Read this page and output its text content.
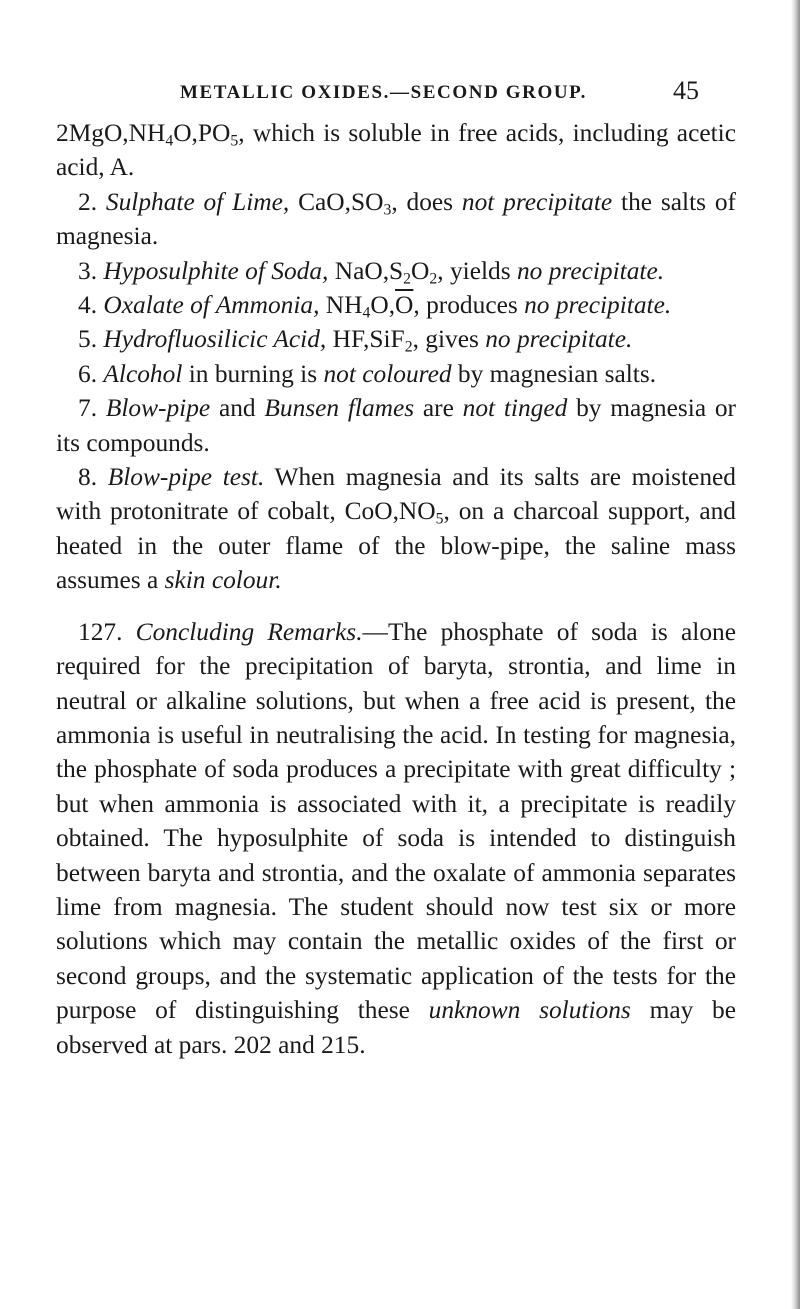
METALLIC OXIDES.—SECOND GROUP.	45

$2MgO,NH_4O,PO_5$, which is soluble in free acids, including acetic acid, A.

2. Sulphate of Lime, $CaO,SO_3$, does not precipitate the salts of magnesia.

3. Hyposulphite of Soda, $NaO,S_2O_2$, yields no precipitate.

4. Oxalate of Ammonia, $NH_4O,\overline{O}$, produces no precipitate.

5. Hydrofluosilicic Acid, HF,SiF$_2$, gives no precipitate.

6. Alcohol in burning is not coloured by magnesian salts.

7. Blow-pipe and Bunsen flames are not tinged by magnesia or its compounds.

8. Blow-pipe test. When magnesia and its salts are moistened with protonitrate of cobalt, $CoO,NO_5$, on a charcoal support, and heated in the outer flame of the blow-pipe, the saline mass assumes a skin colour.

127. Concluding Remarks.—The phosphate of soda is alone required for the precipitation of baryta, strontia, and lime in neutral or alkaline solutions, but when a free acid is present, the ammonia is useful in neutralising the acid. In testing for magnesia, the phosphate of soda produces a precipitate with great difficulty ; but when ammonia is associated with it, a precipitate is readily obtained. The hyposulphite of soda is intended to distinguish between baryta and strontia, and the oxalate of ammonia separates lime from magnesia. The student should now test six or more solutions which may contain the metallic oxides of the first or second groups, and the systematic application of the tests for the purpose of distinguishing these unknown solutions may be observed at pars. 202 and 215.
